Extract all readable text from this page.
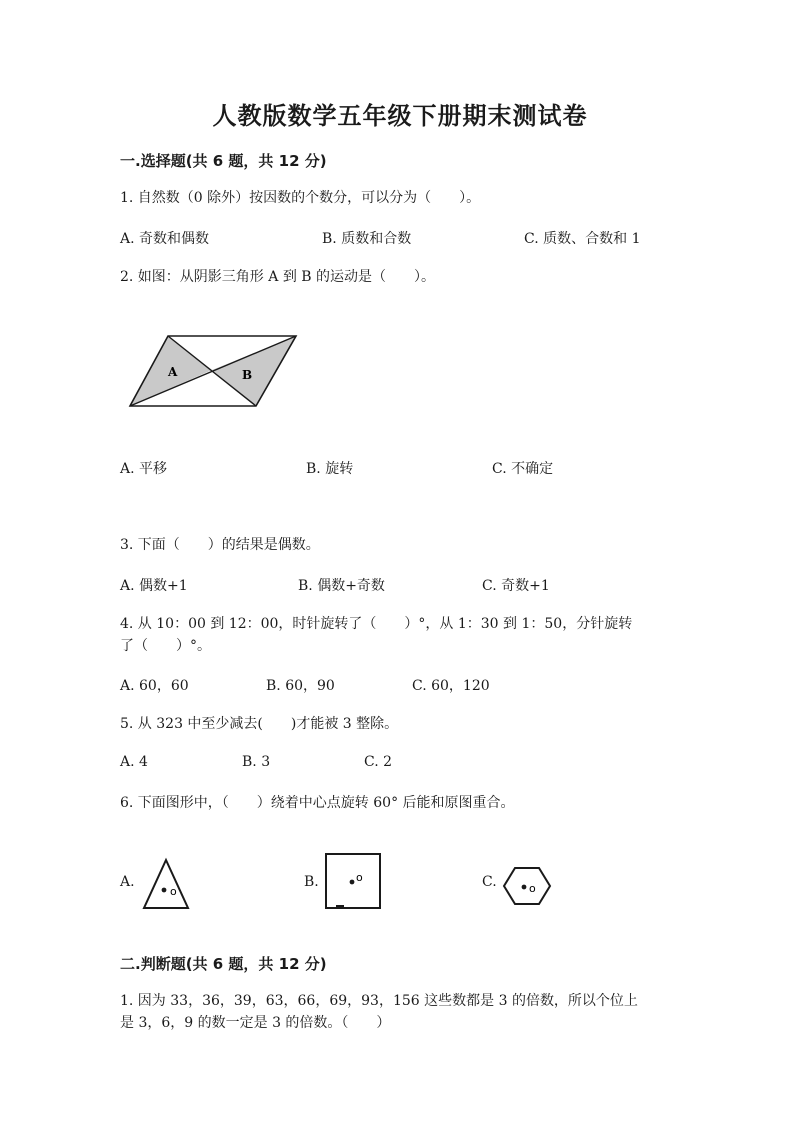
人教版数学五年级下册期末测试卷
一.选择题(共 6 题，共 12 分)
1. 自然数（0 除外）按因数的个数分，可以分为（　　）。
A. 奇数和偶数	B. 质数和合数	C. 质数、合数和 1
2. 如图：从阴影三角形 A 到 B 的运动是（　　）。
A	B
A. 平移	B. 旋转	C. 不确定
3. 下面（　　）的结果是偶数。
A. 偶数+1	B. 偶数+奇数	C. 奇数+1
4. 从 10：00 到 12：00，时针旋转了（　　）°，从 1：30 到 1：50，分针旋转
了（　　）°。
A. 60，60	B. 60，90	C. 60，120
5. 从 323 中至少减去(　　)才能被 3 整除。
A. 4	B. 3	C. 2
6. 下面图形中，（　　）绕着中心点旋转 60° 后能和原图重合。
A.
o
B.	o	C.	o
二.判断题(共 6 题，共 12 分)
1. 因为 33，36，39，63，66，69，93，156 这些数都是 3 的倍数，所以个位上
是 3，6，9 的数一定是 3 的倍数。（　　）
